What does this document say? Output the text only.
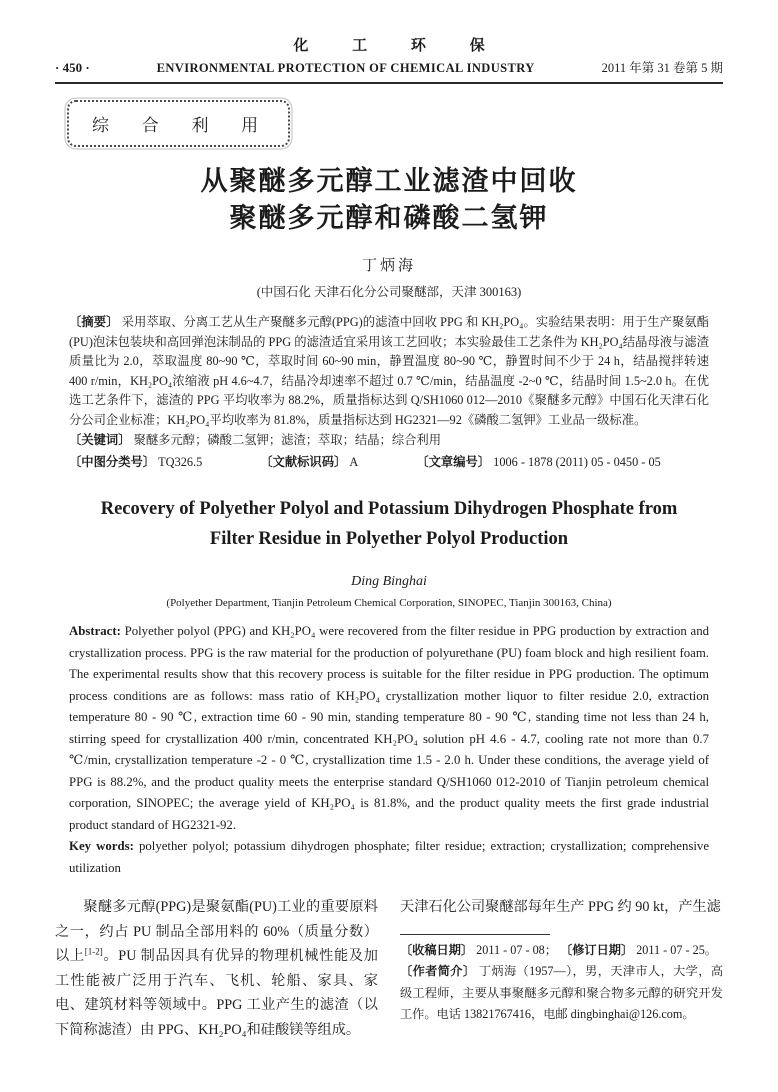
化 工 环 保
· 450 ·	ENVIRONMENTAL PROTECTION OF CHEMICAL INDUSTRY	2011 年第 31 卷第 5 期
综 合 利 用
从聚醚多元醇工业滤渣中回收
聚醚多元醇和磷酸二氢钾
丁炳海
(中国石化 天津石化分公司聚醚部，天津 300163)

〔摘要〕 采用萃取、分离工艺从生产聚醚多元醇(PPG)的滤渣中回收 PPG 和 KH₂PO₄。实验结果表明：用于生产聚氨酯(PU)泡沫包装块和高回弹泡沫制品的 PPG 的滤渣适宜采用该工艺回收；本实验最佳工艺条件为 KH₂PO₄结晶母液与滤渣质量比为 2.0，萃取温度 80~90 ℃，萃取时间 60~90 min，静置温度 80~90 ℃，静置时间不少于 24 h，结晶搅拌转速 400 r/min，KH₂PO₄浓缩液 pH 4.6~4.7，结晶冷却速率不超过 0.7 ℃/min，结晶温度 -2~0 ℃，结晶时间 1.5~2.0 h。在优选工艺条件下，滤渣的 PPG 平均收率为 88.2%，质量指标达到 Q/SH1060 012—2010《聚醚多元醇》中国石化天津石化分公司企业标准；KH₂PO₄平均收率为 81.8%，质量指标达到 HG2321—92《磷酸二氢钾》工业品一级标准。

〔关键词〕 聚醚多元醇；磷酸二氢钾；滤渣；萃取；结晶；综合利用

〔中图分类号〕 TQ326.5	〔文献标识码〕 A	〔文章编号〕 1006 - 1878 (2011) 05 - 0450 - 05
Recovery of Polyether Polyol and Potassium Dihydrogen Phosphate from
Filter Residue in Polyether Polyol Production
Ding Binghai
(Polyether Department, Tianjin Petroleum Chemical Corporation, SINOPEC, Tianjin 300163, China)

Abstract: Polyether polyol (PPG) and KH₂PO₄ were recovered from the filter residue in PPG production by extraction and crystallization process. PPG is the raw material for the production of polyurethane (PU) foam block and high resilient foam. The experimental results show that this recovery process is suitable for the filter residue in PPG production. The optimum process conditions are as follows: mass ratio of KH₂PO₄ crystallization mother liquor to filter residue 2.0, extraction temperature 80 - 90 ℃, extraction time 60 - 90 min, standing temperature 80 - 90 ℃, standing time not less than 24 h, stirring speed for crystallization 400 r/min, concentrated KH₂PO₄ solution pH 4.6 - 4.7, cooling rate not more than 0.7 ℃/min, crystallization temperature -2 - 0 ℃, crystallization time 1.5 - 2.0 h. Under these conditions, the average yield of PPG is 88.2%, and the product quality meets the enterprise standard Q/SH1060 012-2010 of Tianjin petroleum chemical corporation, SINOPEC; the average yield of KH₂PO₄ is 81.8%, and the product quality meets the first grade industrial product standard of HG2321-92.

Key words: polyether polyol; potassium dihydrogen phosphate; filter residue; extraction; crystallization; comprehensive utilization

聚醚多元醇(PPG)是聚氨酯(PU)工业的重要原料之一，约占 PU 制品全部用料的 60%（质量分数）以上[1-2]。PU 制品因具有优异的物理机械性能及加工性能被广泛用于汽车、飞机、轮船、家具、家电、建筑材料等领域中。PPG 工业产生的滤渣（以下简称滤渣）由 PPG、KH₂PO₄和硅酸镁等组成。

天津石化公司聚醚部每年生产 PPG 约 90 kt，产生滤

〔收稿日期〕 2011 - 07 - 08； 〔修订日期〕 2011 - 07 - 25。

〔作者简介〕 丁炳海（1957—），男，天津市人，大学，高级工程师，主要从事聚醚多元醇和聚合物多元醇的研究开发工作。电话 13821767416，电邮 dingbinghai@126.com。
